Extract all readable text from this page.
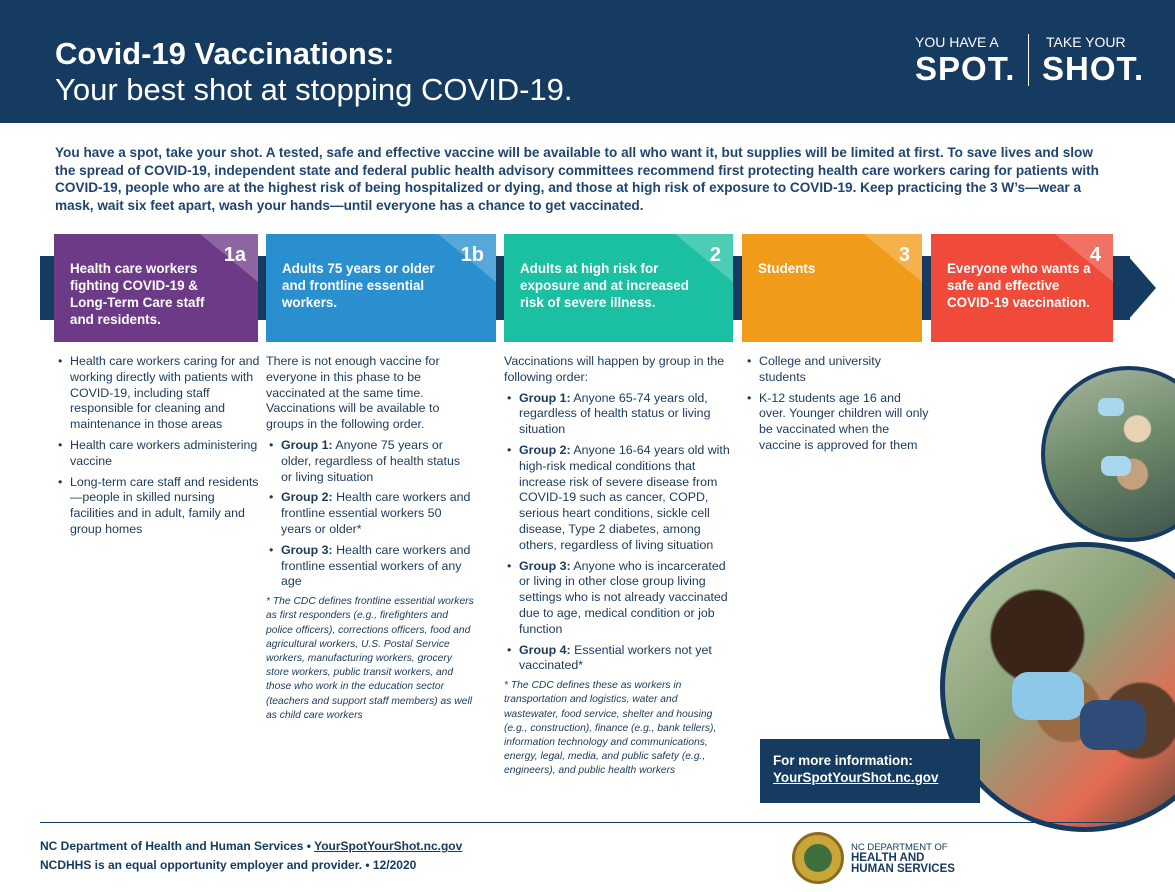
Covid-19 Vaccinations:
Your best shot at stopping COVID-19.
YOU HAVE A
SPOT.
TAKE YOUR
SHOT.
You have a spot, take your shot. A tested, safe and effective vaccine will be available to all who want it, but supplies will be limited at first. To save lives and slow the spread of COVID-19, independent state and federal public health advisory committees recommend first protecting health care workers caring for patients with COVID-19, people who are at the highest risk of being hospitalized or dying, and those at high risk of exposure to COVID-19. Keep practicing the 3 W’s—wear a mask, wait six feet apart, wash your hands—until everyone has a chance to get vaccinated.
1a
Health care workers fighting COVID-19 & Long-Term Care staff and residents.
1b
Adults 75 years or older and frontline essential workers.
2
Adults at high risk for exposure and at increased risk of severe illness.
3
Students
4
Everyone who wants a safe and effective COVID-19 vaccination.
• Health care workers caring for and working directly with patients with COVID-19, including staff responsible for cleaning and maintenance in those areas
• Health care workers administering vaccine
• Long-term care staff and residents—people in skilled nursing facilities and in adult, family and group homes

There is not enough vaccine for everyone in this phase to be vaccinated at the same time. Vaccinations will be available to groups in the following order.

• Group 1: Anyone 75 years or older, regardless of health status or living situation
• Group 2: Health care workers and frontline essential workers 50 years or older*
• Group 3: Health care workers and frontline essential workers of any age

* The CDC defines frontline essential workers as first responders (e.g., firefighters and police officers), corrections officers, food and agricultural workers, U.S. Postal Service workers, manufacturing workers, grocery store workers, public transit workers, and those who work in the education sector (teachers and support staff members) as well as child care workers

Vaccinations will happen by group in the following order:

• Group 1: Anyone 65-74 years old, regardless of health status or living situation
• Group 2: Anyone 16-64 years old with high-risk medical conditions that increase risk of severe disease from COVID-19 such as cancer, COPD, serious heart conditions, sickle cell disease, Type 2 diabetes, among others, regardless of living situation
• Group 3: Anyone who is incarcerated or living in other close group living settings who is not already vaccinated due to age, medical condition or job function
• Group 4: Essential workers not yet vaccinated*

* The CDC defines these as workers in transportation and logistics, water and wastewater, food service, shelter and housing (e.g., construction), finance (e.g., bank tellers), information technology and communications, energy, legal, media, and public safety (e.g., engineers), and public health workers

• College and university students
• K-12 students age 16 and over. Younger children will only be vaccinated when the vaccine is approved for them
For more information:
YourSpotYourShot.nc.gov
NC Department of Health and Human Services • YourSpotYourShot.nc.gov
NCDHHS is an equal opportunity employer and provider. • 12/2020
NC DEPARTMENT OF
HEALTH AND
HUMAN SERVICES
